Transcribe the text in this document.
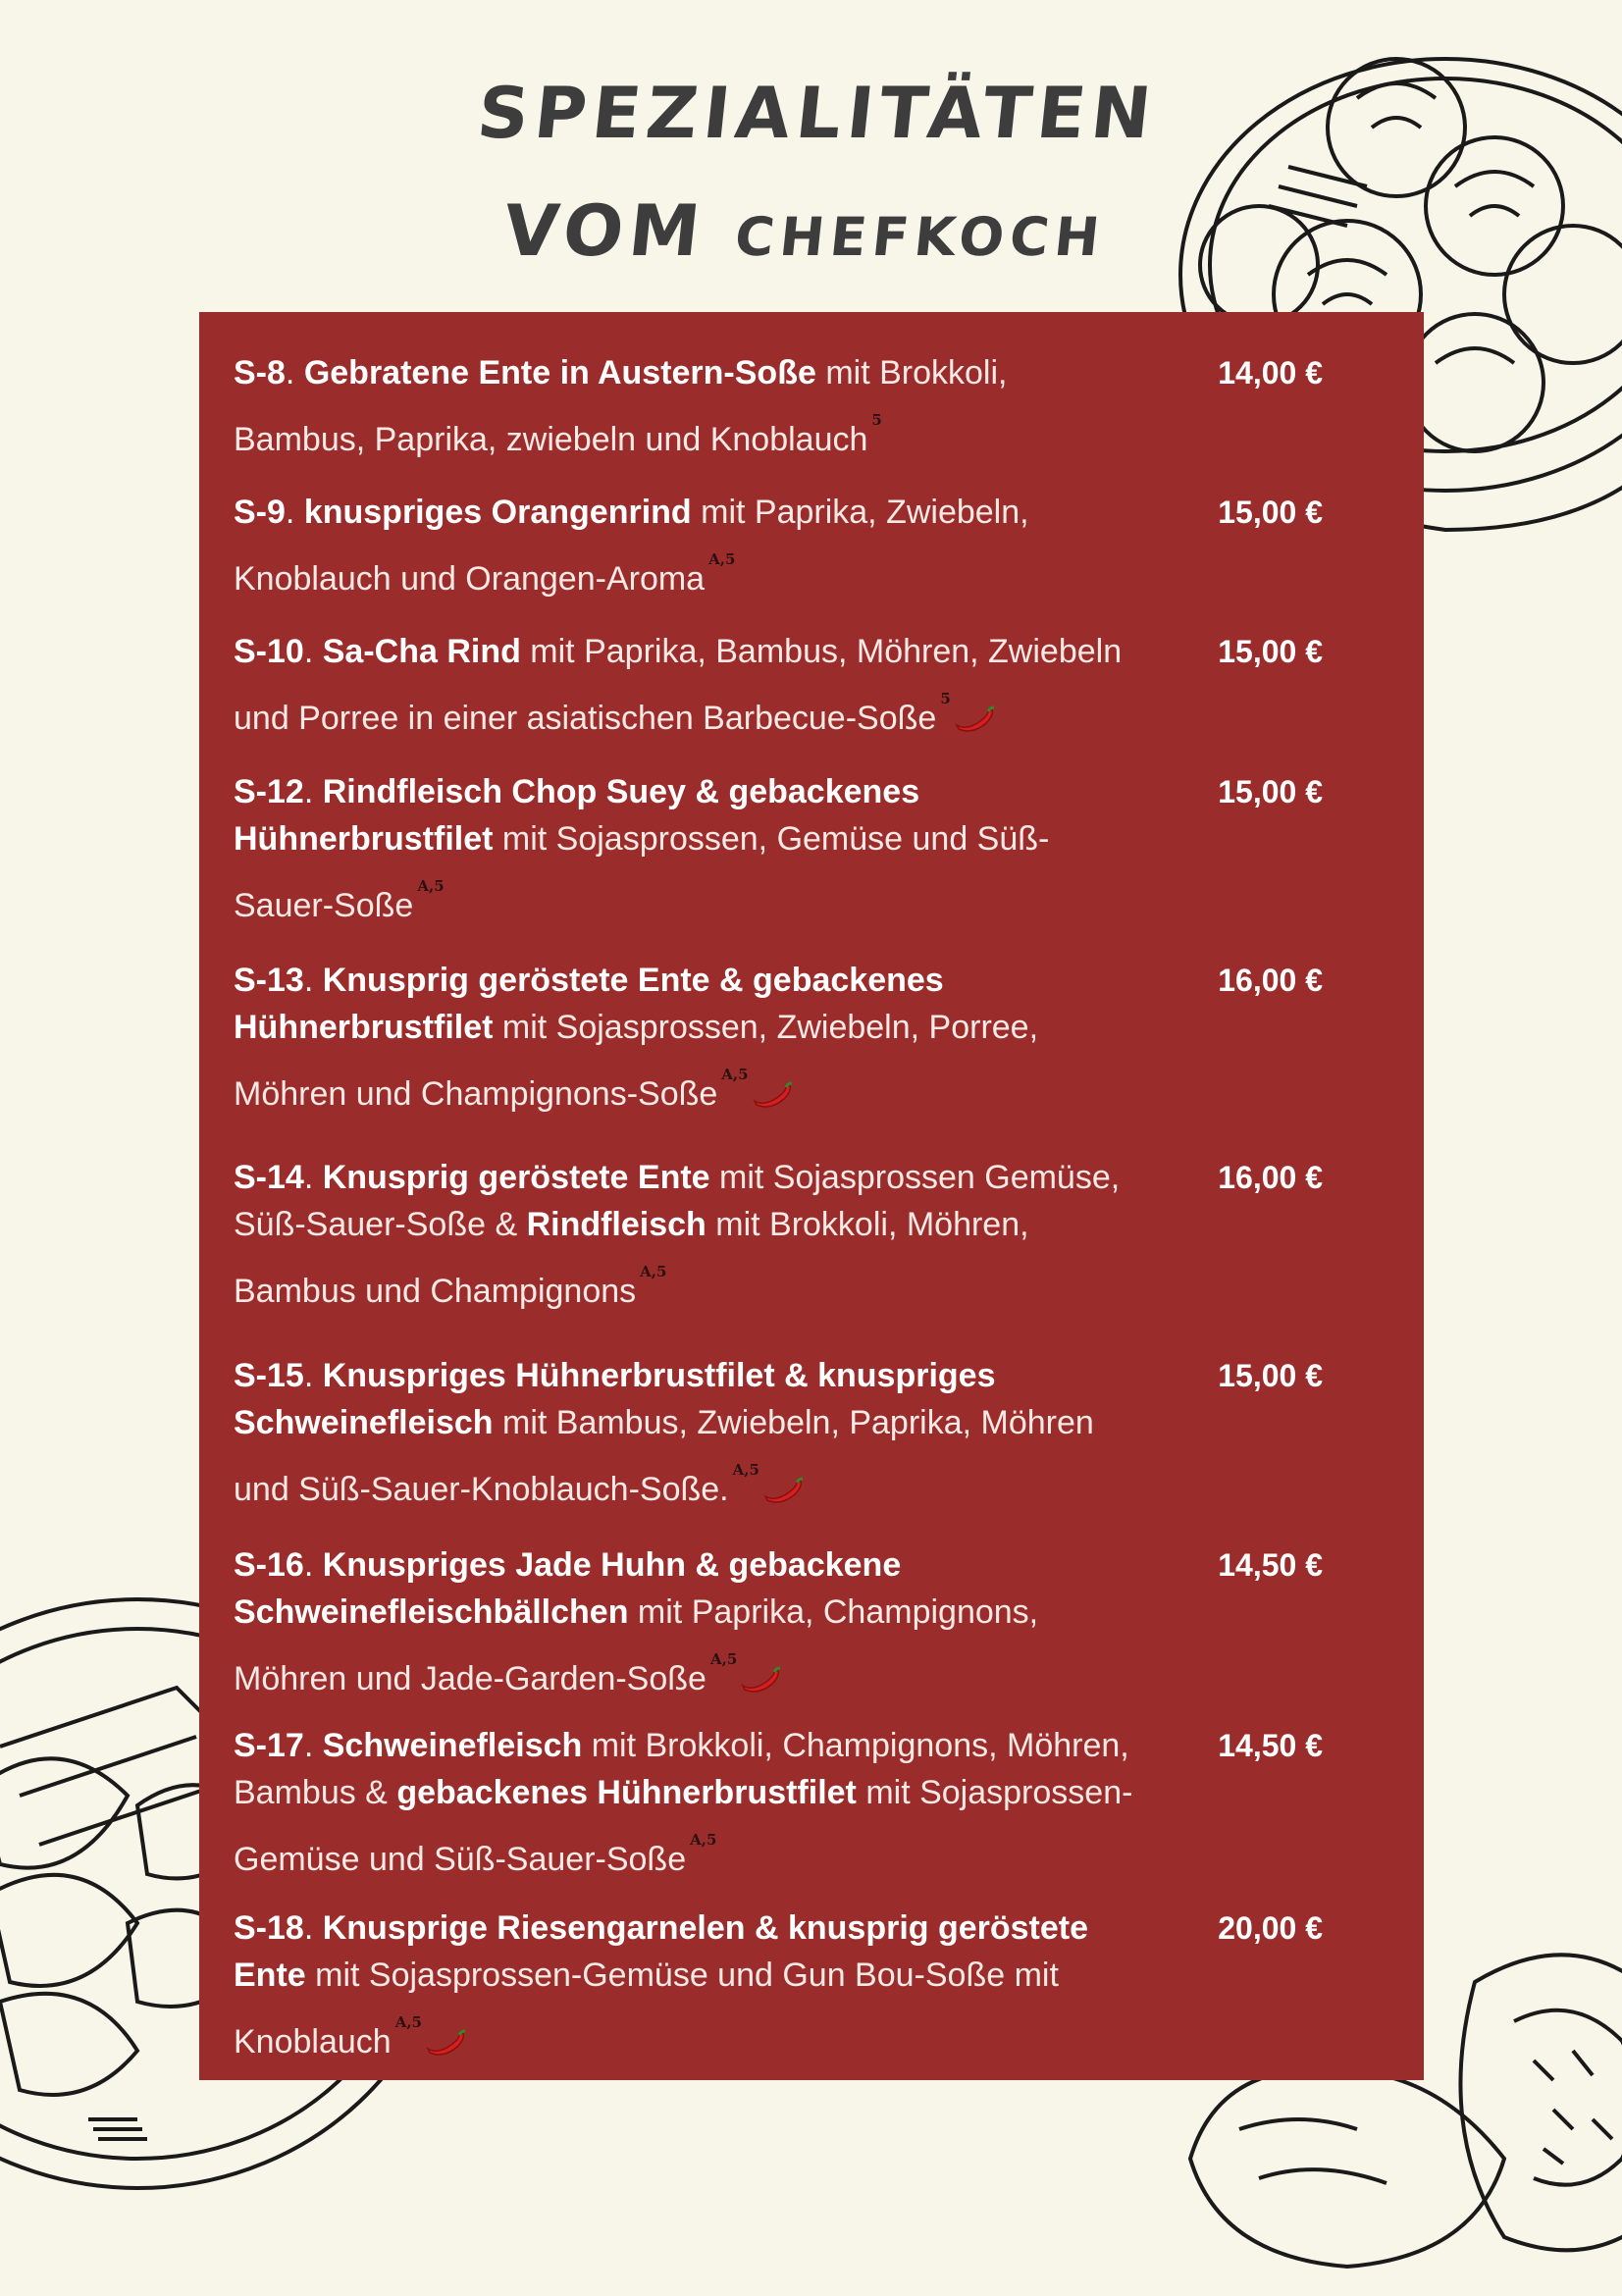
SPEZIALITÄTEN
VOM CHEFKOCH
S-8. Gebratene Ente in Austern-Soße mit Brokkoli, Bambus, Paprika, zwiebeln und Knoblauch$^5$
14,00 €
S-9. knuspriges Orangenrind mit Paprika, Zwiebeln, Knoblauch und Orangen-Aroma$^{A,5}$
15,00 €
S-10. Sa-Cha Rind mit Paprika, Bambus, Möhren, Zwiebeln und Porree in einer asiatischen Barbecue-Soße$^5$
15,00 €
S-12. Rindfleisch Chop Suey & gebackenes Hühnerbrustfilet mit Sojasprossen, Gemüse und Süß-Sauer-Soße$^{A,5}$
15,00 €
S-13. Knusprig geröstete Ente & gebackenes Hühnerbrustfilet mit Sojasprossen, Zwiebeln, Porree, Möhren und Champignons-Soße$^{A,5}$
16,00 €
S-14. Knusprig geröstete Ente mit Sojasprossen Gemüse, Süß-Sauer-Soße & Rindfleisch mit Brokkoli, Möhren, Bambus und Champignons$^{A,5}$
16,00 €
S-15. Knuspriges Hühnerbrustfilet & knuspriges Schweinefleisch mit Bambus, Zwiebeln, Paprika, Möhren und Süß-Sauer-Knoblauch-Soße.$^{A,5}$
15,00 €
S-16. Knuspriges Jade Huhn & gebackene Schweinefleischbällchen mit Paprika, Champignons, Möhren und Jade-Garden-Soße$^{A,5}$
14,50 €
S-17. Schweinefleisch mit Brokkoli, Champignons, Möhren, Bambus & gebackenes Hühnerbrustfilet mit Sojasprossen-Gemüse und Süß-Sauer-Soße$^{A,5}$
14,50 €
S-18. Knusprige Riesengarnelen & knusprig geröstete Ente mit Sojasprossen-Gemüse und Gun Bou-Soße mit Knoblauch$^{A,5}$
20,00 €
